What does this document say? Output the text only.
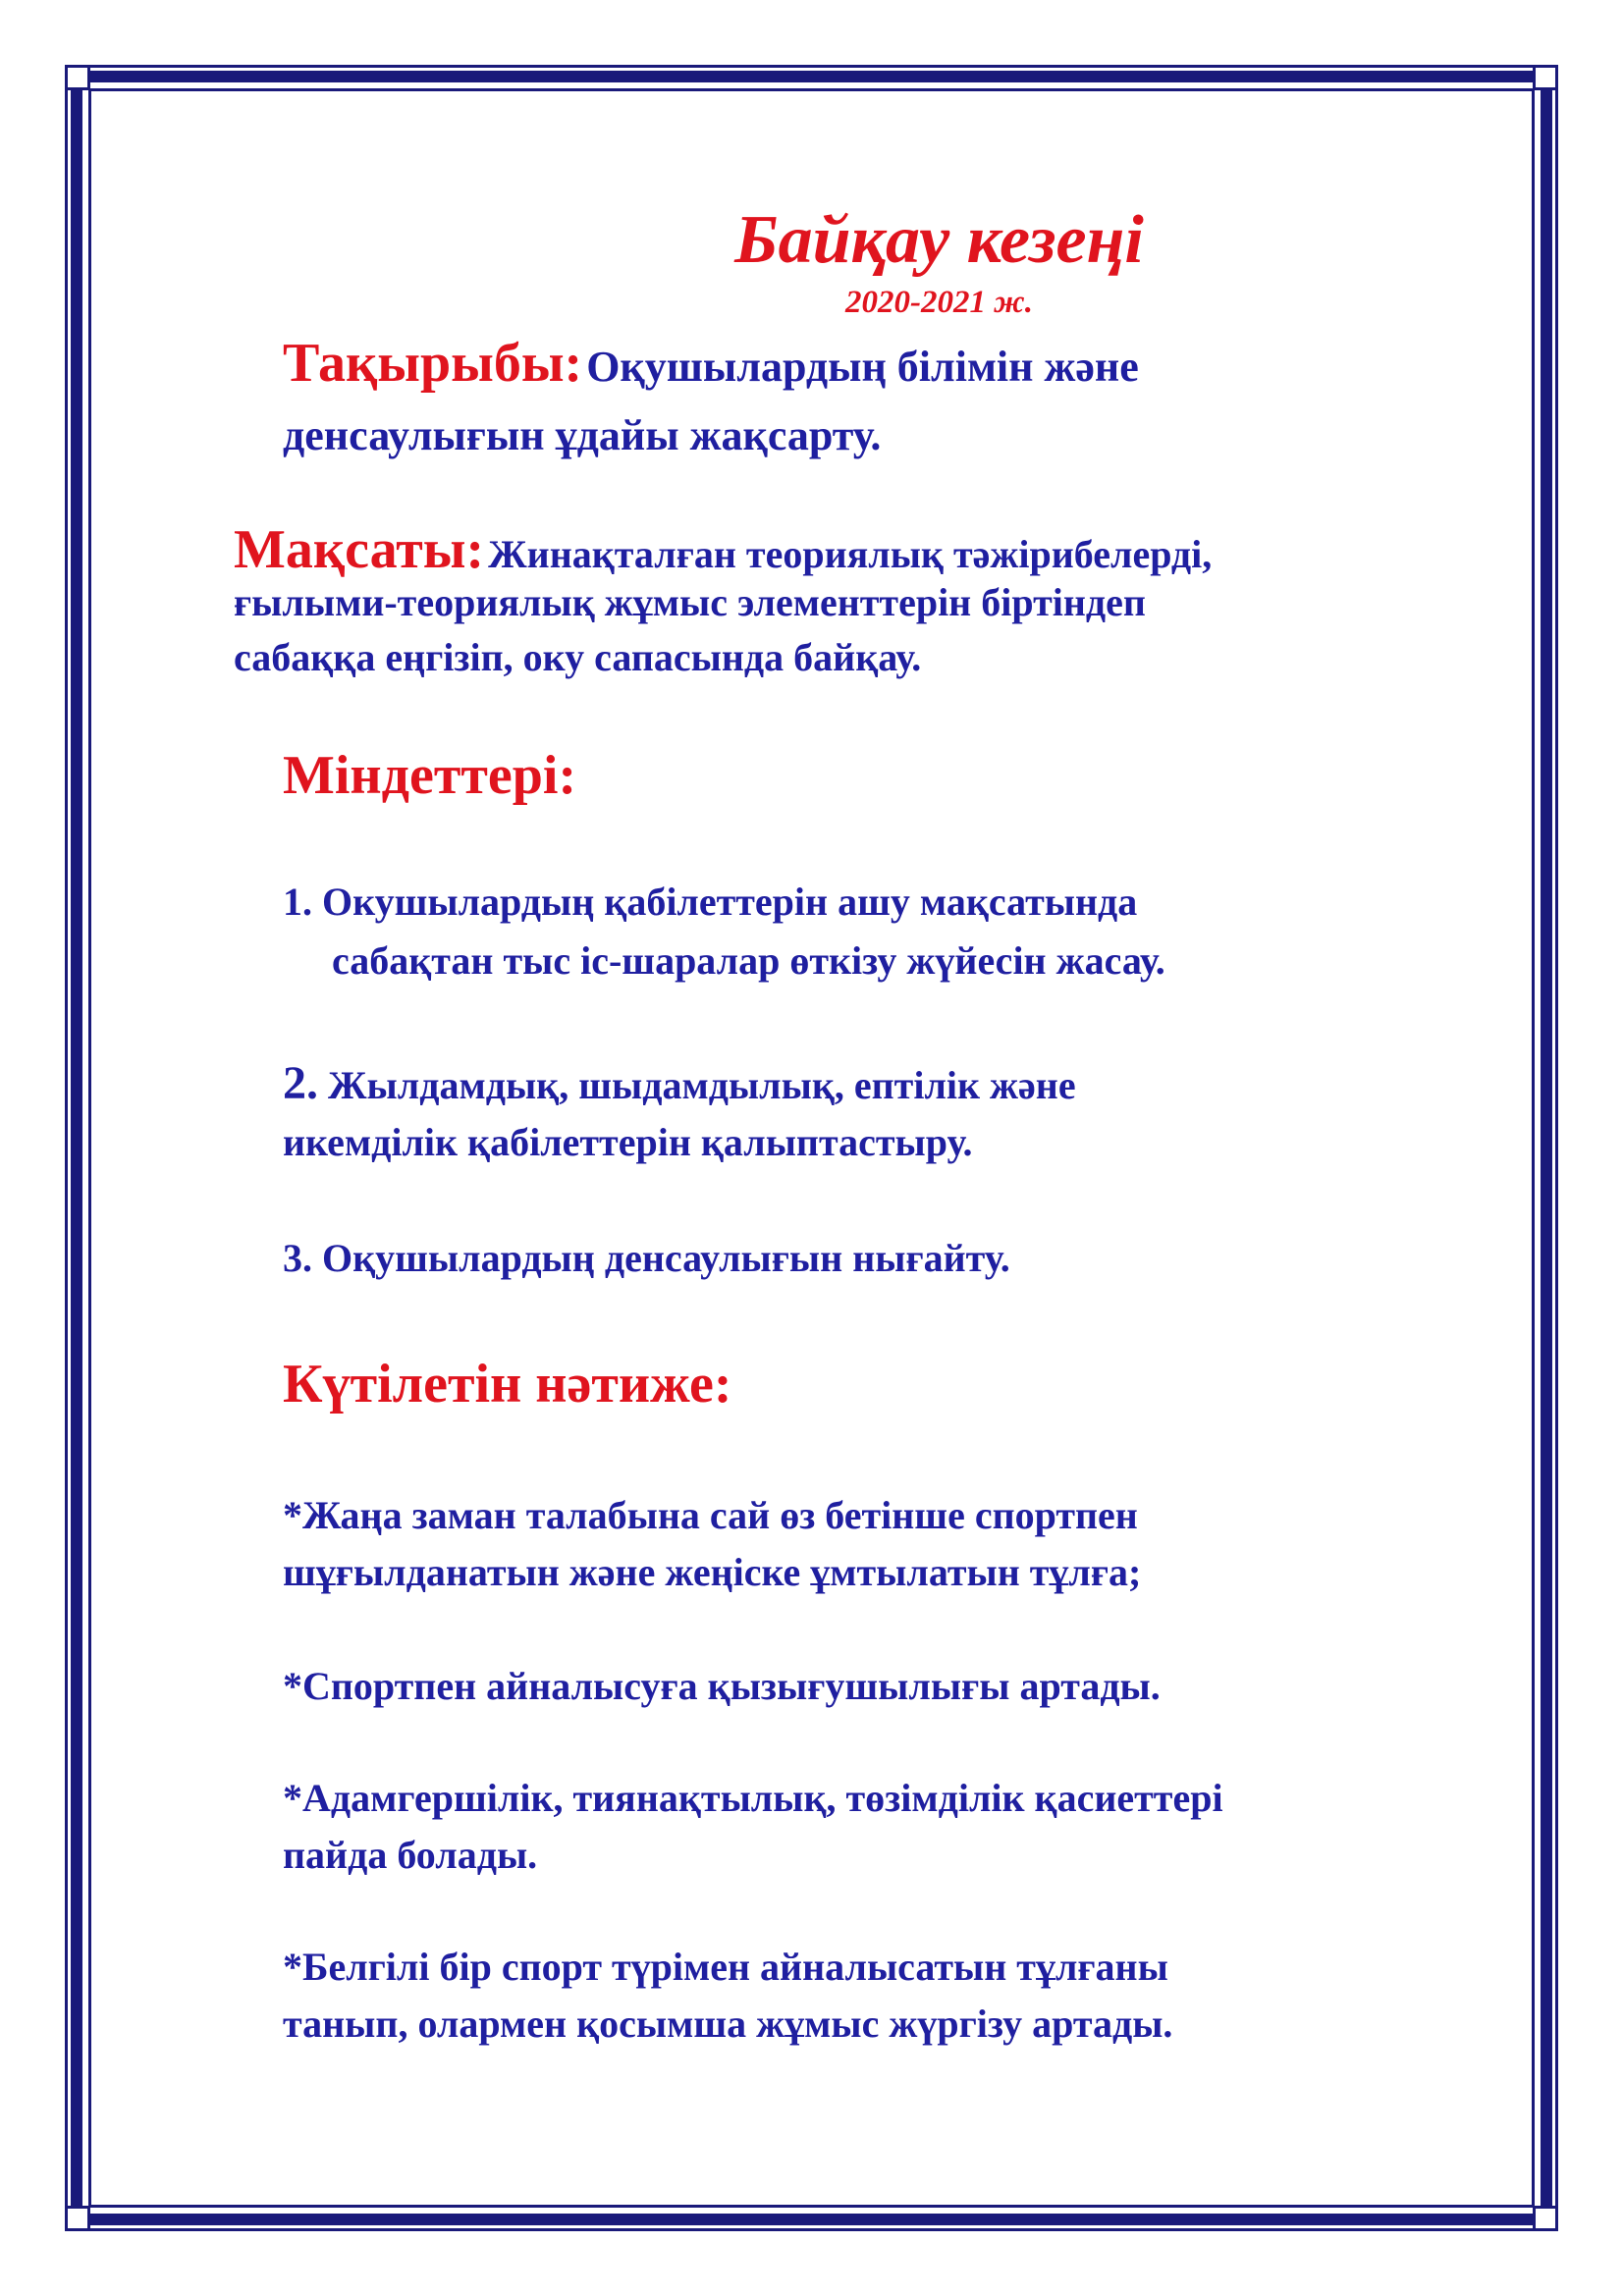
Байқау кезеңі
2020-2021 ж.
Тақырыбы: Оқушылардың білімін және
денсаулығын ұдайы жақсарту.
Мақсаты: Жинақталған теориялық тәжірибелерді,
ғылыми-теориялық жұмыс элементтерін біртіндеп
сабаққа еңгізіп, оку сапасында байқау.
Міндеттері:
1. Окушылардың қабілеттерін ашу мақсатында
сабақтан тыс іс-шаралар өткізу жүйесін жасау.
2. Жылдамдық, шыдамдылық, ептілік және
икемділік қабілеттерін қалыптастыру.
3. Оқушылардың денсаулығын нығайту.
Күтілетін нәтиже:
*Жаңа заман талабына сай өз бетінше спортпен
шұғылданатын және жеңіске ұмтылатын тұлға;
*Спортпен айналысуға қызығушылығы артады.
*Адамгершілік, тиянақтылық, төзімділік қасиеттері
пайда болады.
*Белгілі бір спорт түрімен айналысатын тұлғаны
танып, олармен қосымша жұмыс жүргізу артады.
